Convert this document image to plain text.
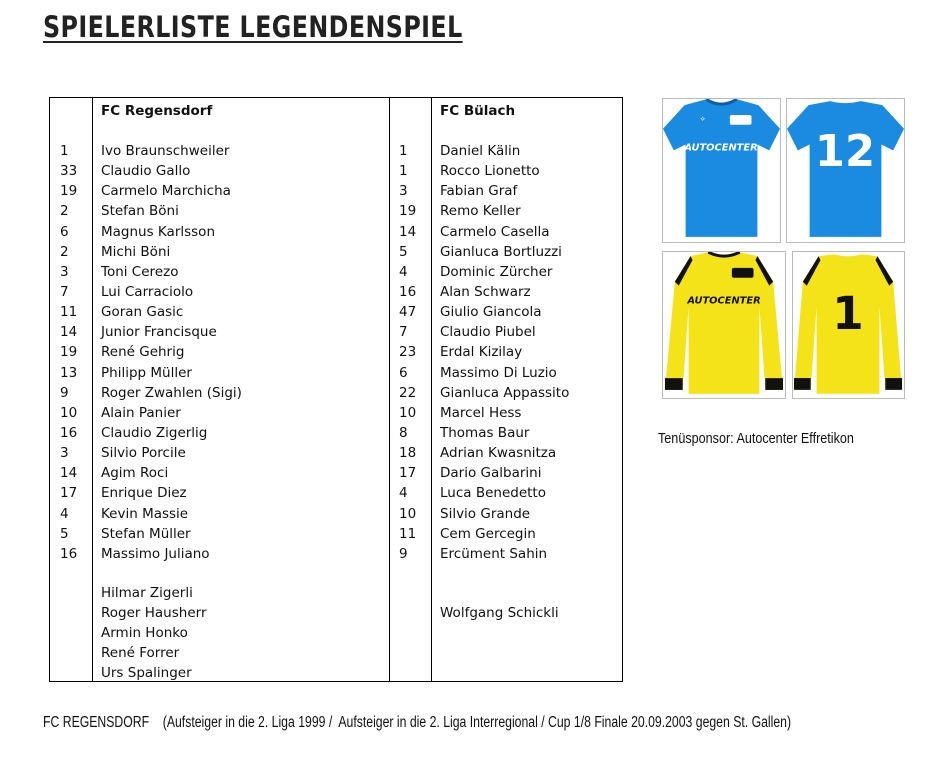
SPIELERLISTE LEGENDENSPIEL
FC Regensdorf	FC Bülach
1 Ivo Braunschweiler
33 Claudio Gallo
19 Carmelo Marchicha
2 Stefan Böni
6 Magnus Karlsson
2 Michi Böni
3 Toni Cerezo
7 Lui Carraciolo
11 Goran Gasic
14 Junior Francisque
19 René Gehrig
13 Philipp Müller
9 Roger Zwahlen (Sigi)
10 Alain Panier
16 Claudio Zigerlig
3 Silvio Porcile
14 Agim Roci
17 Enrique Diez
4 Kevin Massie
5 Stefan Müller
16 Massimo Juliano
1 Daniel Kälin
1 Rocco Lionetto
3 Fabian Graf
19 Remo Keller
14 Carmelo Casella
5 Gianluca Bortluzzi
4 Dominic Zürcher
16 Alan Schwarz
47 Giulio Giancola
7 Claudio Piubel
23 Erdal Kizilay
6 Massimo Di Luzio
22 Gianluca Appassito
10 Marcel Hess
8 Thomas Baur
18 Adrian Kwasnitza
17 Dario Galbarini
4 Luca Benedetto
10 Silvio Grande
11 Cem Gercegin
9 Ercüment Sahin
Hilmar Zigerli
Roger Hausherr
Armin Honko
René Forrer
Urs Spalinger
Wolfgang Schickli
⟡
AUTOCENTER 12
AUTOCENTER 1
Tenüsponsor: Autocenter Effretikon
FC REGENSDORF (Aufsteiger in die 2. Liga 1999 /  Aufsteiger in die 2. Liga Interregional / Cup 1/8 Finale 20.09.2003 gegen St. Gallen)
